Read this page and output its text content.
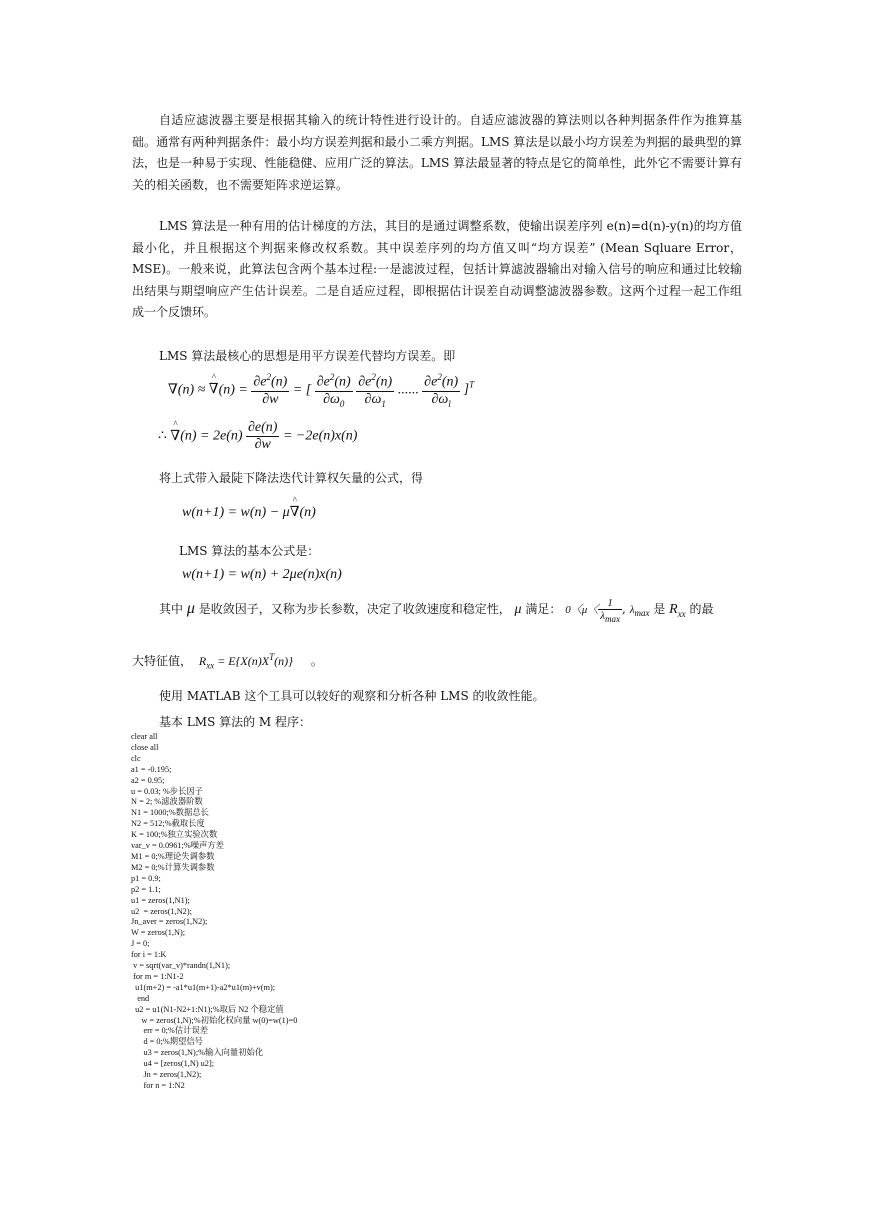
自适应滤波器主要是根据其输入的统计特性进行设计的。自适应滤波器的算法则以各种判据条件作为推算基础。通常有两种判据条件：最小均方误差判据和最小二乘方判据。LMS 算法是以最小均方误差为判据的最典型的算法，也是一种易于实现、性能稳健、应用广泛的算法。LMS 算法最显著的特点是它的简单性，此外它不需要计算有关的相关函数，也不需要矩阵求逆运算。

LMS 算法是一种有用的估计梯度的方法，其目的是通过调整系数，使输出误差序列 e(n)=d(n)-y(n)的均方值最小化，并且根据这个判据来修改权系数。其中误差序列的均方值又叫“均方误差” (Mean Sqluare Error，MSE)。一般来说，此算法包含两个基本过程:一是滤波过程，包括计算滤波器输出对输入信号的响应和通过比较输出结果与期望响应产生估计误差。二是自适应过程，即根据估计误差自动调整滤波器参数。这两个过程一起工作组成一个反馈环。

LMS 算法最核心的思想是用平方误差代替均方误差。即

∇(n) ≈ ∇
^
$(n) = \frac{\partial e^2(n)}{\partial w}$ = [ $\frac{\partial e^2(n)}{\partial\omega_0}$
$\frac{\partial e^2(n)}{\partial\omega_1}$ ...... $\frac{\partial e^2(n)}{\partial\omega_l} ]^T$
∴ ∇
^
$(n) = 2e(n) \frac{\partial e(n)}{\partial w} = -2e(n)x(n)$
将上式带入最陡下降法迭代计算权矢量的公式，得
w(n+1) = w(n) − μ∇
^
(n)
LMS 算法的基本公式是：
w(n+1) = w(n) + 2μe(n)x(n)
其中 μ 是收敛因子，又称为步长参数，决定了收敛速度和稳定性， μ 满足： 0〈μ〈 $\frac{1}{\lambda_{max}}$ , $\lambda_{max}$ 是 $R_{xx}$ 的最
大特征值，  $R_{xx} = E\{X(n)X^T(n)\}$ 。
使用 MATLAB 这个工具可以较好的观察和分析各种 LMS 的收敛性能。
基本 LMS 算法的 M 程序：
clear all
close all
clc
a1 = -0.195;
a2 = 0.95;
u = 0.03; %步长因子
N = 2; %滤波器阶数
N1 = 1000;%数据总长
N2 = 512;%截取长度
K = 100;%独立实验次数
var_v = 0.0961;%噪声方差
M1 = 0;%理论失调参数
M2 = 0;%计算失调参数
p1 = 0.9;
p2 = 1.1;
u1 = zeros(1,N1);
u2  = zeros(1,N2);
Jn_aver = zeros(1,N2);
W = zeros(1,N);
J = 0;
for i = 1:K
v = sqrt(var_v)*randn(1,N1);
for m = 1:N1-2
u1(m+2) = -a1*u1(m+1)-a2*u1(m)+v(m);
end
u2 = u1(N1-N2+1:N1);%取后 N2 个稳定值
w = zeros(1,N);%初始化权向量 w(0)=w(1)=0
err = 0;%估计误差
d = 0;%期望信号
u3 = zeros(1,N);%输入向量初始化
u4 = [zeros(1,N) u2];
Jn = zeros(1,N2);
for n = 1:N2
